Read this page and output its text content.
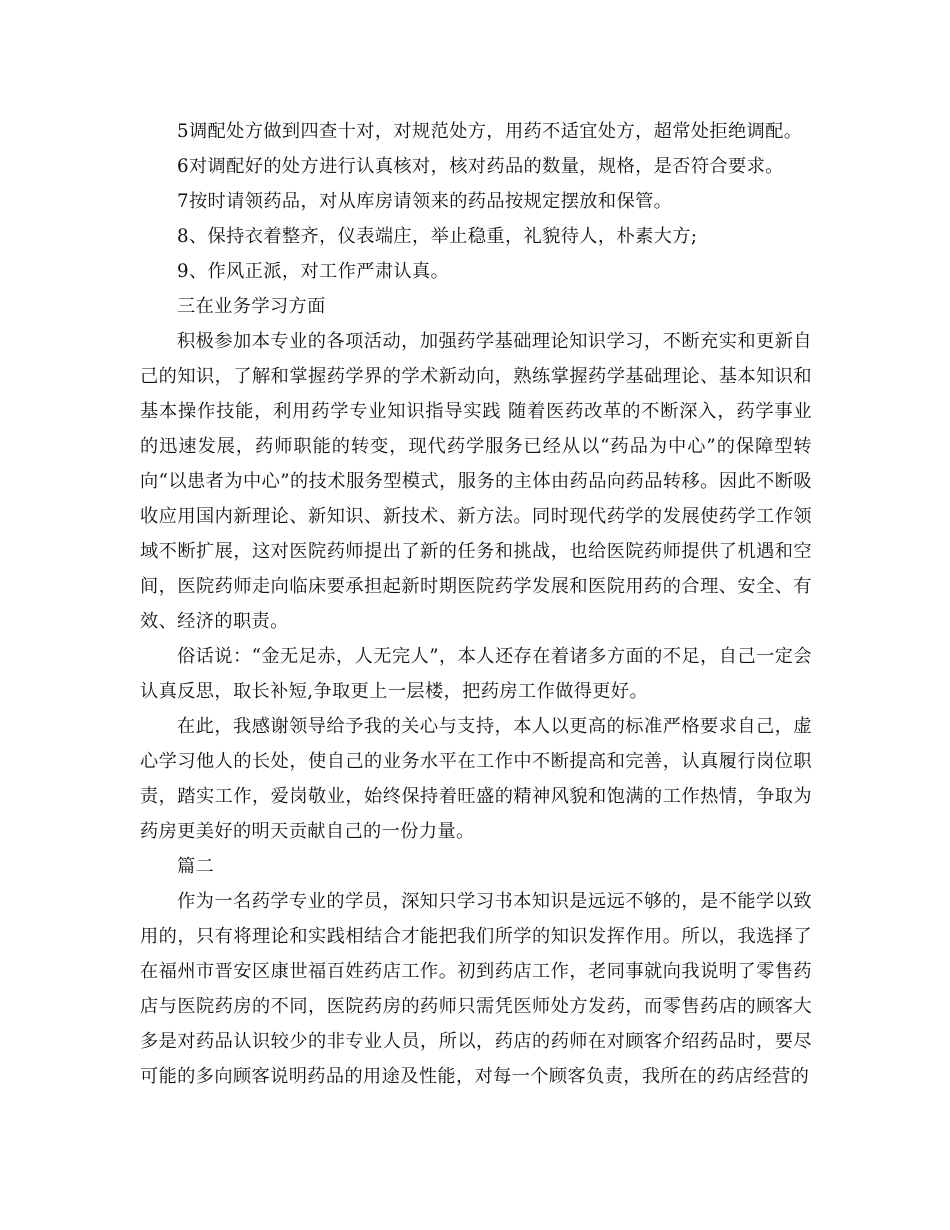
5调配处方做到四查十对，对规范处方，用药不适宜处方，超常处拒绝调配。

6对调配好的处方进行认真核对，核对药品的数量，规格，是否符合要求。

7按时请领药品，对从库房请领来的药品按规定摆放和保管。

8、保持衣着整齐，仪表端庄，举止稳重，礼貌待人，朴素大方;

9、作风正派，对工作严肃认真。

三在业务学习方面

积极参加本专业的各项活动，加强药学基础理论知识学习，不断充实和更新自己的知识，了解和掌握药学界的学术新动向，熟练掌握药学基础理论、基本知识和基本操作技能，利用药学专业知识指导实践 随着医药改革的不断深入，药学事业的迅速发展，药师职能的转变，现代药学服务已经从以“药品为中心”的保障型转向“以患者为中心”的技术服务型模式，服务的主体由药品向药品转移。因此不断吸收应用国内新理论、新知识、新技术、新方法。同时现代药学的发展使药学工作领域不断扩展，这对医院药师提出了新的任务和挑战，也给医院药师提供了机遇和空间，医院药师走向临床要承担起新时期医院药学发展和医院用药的合理、安全、有效、经济的职责。

俗话说：“金无足赤，人无完人”，本人还存在着诸多方面的不足，自己一定会认真反思，取长补短,争取更上一层楼，把药房工作做得更好。

在此，我感谢领导给予我的关心与支持，本人以更高的标准严格要求自己，虚心学习他人的长处，使自己的业务水平在工作中不断提高和完善，认真履行岗位职责，踏实工作，爱岗敬业，始终保持着旺盛的精神风貌和饱满的工作热情，争取为药房更美好的明天贡献自己的一份力量。

篇二

作为一名药学专业的学员，深知只学习书本知识是远远不够的，是不能学以致用的，只有将理论和实践相结合才能把我们所学的知识发挥作用。所以，我选择了在福州市晋安区康世福百姓药店工作。初到药店工作，老同事就向我说明了零售药店与医院药房的不同，医院药房的药师只需凭医师处方发药，而零售药店的顾客大多是对药品认识较少的非专业人员，所以，药店的药师在对顾客介绍药品时，要尽可能的多向顾客说明药品的用途及性能，对每一个顾客负责，我所在的药店经营的
